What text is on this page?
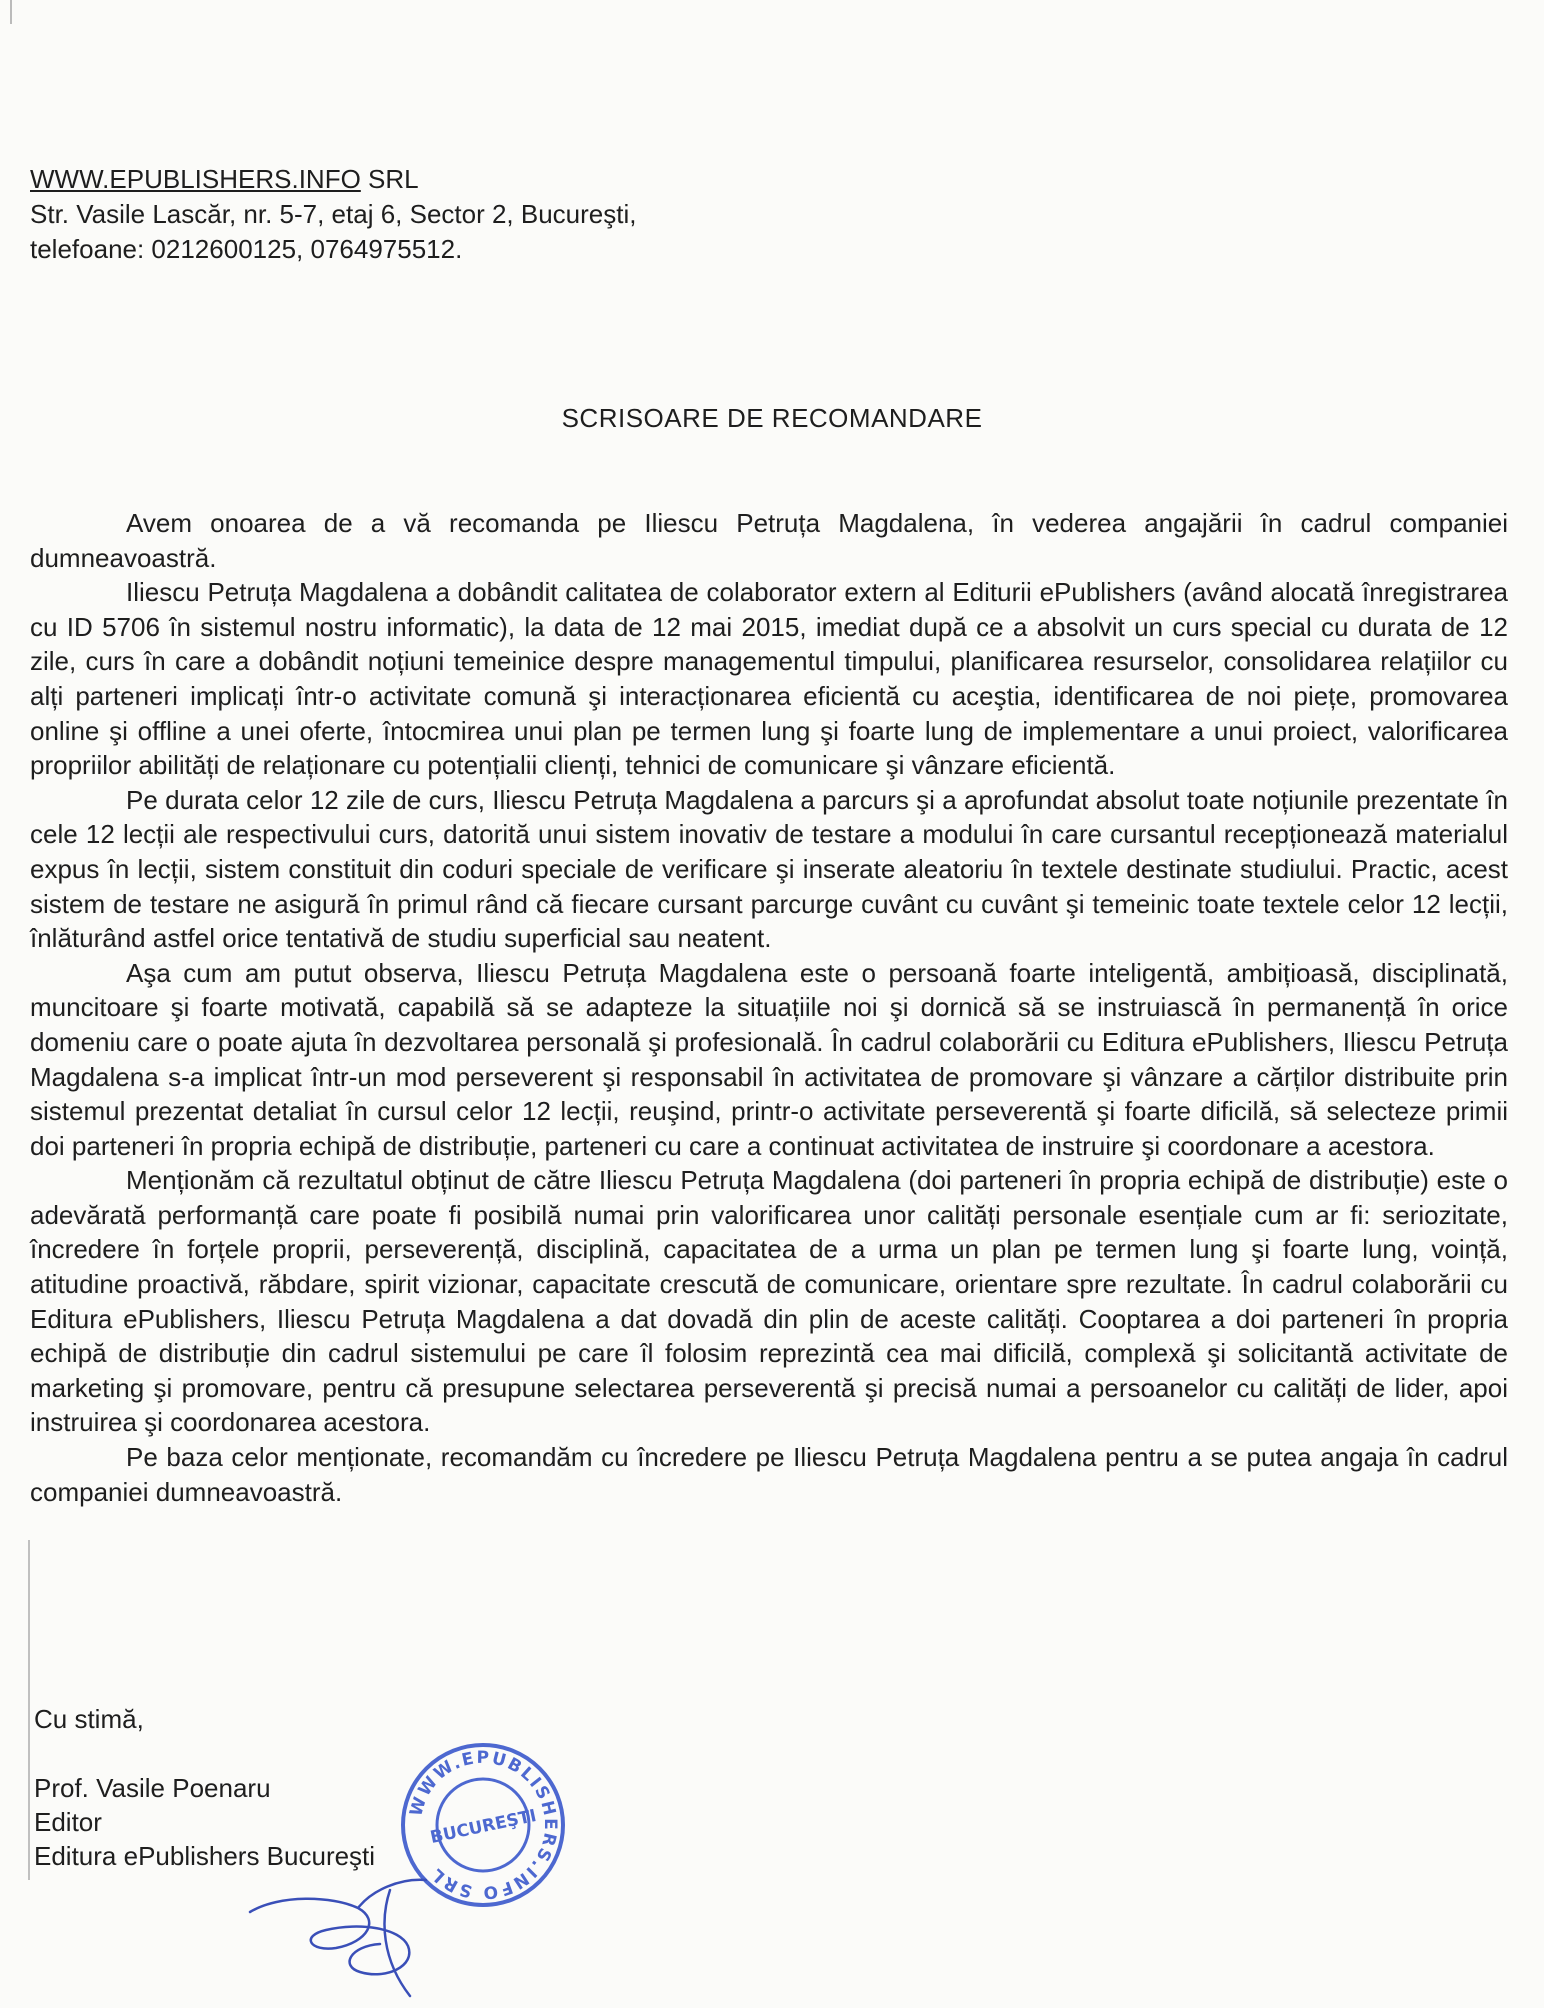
WWW.EPUBLISHERS.INFO SRL
Str. Vasile Lascăr, nr. 5-7, etaj 6, Sector 2, Bucureşti,
telefoane: 0212600125, 0764975512.
SCRISOARE DE RECOMANDARE

Avem onoarea de a vă recomanda pe Iliescu Petruța Magdalena, în vederea angajării în cadrul companiei dumneavoastră.

Iliescu Petruța Magdalena a dobândit calitatea de colaborator extern al Editurii ePublishers (având alocată înregistrarea cu ID 5706 în sistemul nostru informatic), la data de 12 mai 2015, imediat după ce a absolvit un curs special cu durata de 12 zile, curs în care a dobândit noțiuni temeinice despre managementul timpului, planificarea resurselor, consolidarea relațiilor cu alți parteneri implicați într-o activitate comună şi interacționarea eficientă cu aceştia, identificarea de noi piețe, promovarea online şi offline a unei oferte, întocmirea unui plan pe termen lung şi foarte lung de implementare a unui proiect, valorificarea propriilor abilități de relaționare cu potențialii clienți, tehnici de comunicare şi vânzare eficientă.

Pe durata celor 12 zile de curs, Iliescu Petruța Magdalena a parcurs şi a aprofundat absolut toate noțiunile prezentate în cele 12 lecții ale respectivului curs, datorită unui sistem inovativ de testare a modului în care cursantul recepționează materialul expus în lecții, sistem constituit din coduri speciale de verificare şi inserate aleatoriu în textele destinate studiului. Practic, acest sistem de testare ne asigură în primul rând că fiecare cursant parcurge cuvânt cu cuvânt şi temeinic toate textele celor 12 lecții, înlăturând astfel orice tentativă de studiu superficial sau neatent.

Aşa cum am putut observa, Iliescu Petruța Magdalena este o persoană foarte inteligentă, ambițioasă, disciplinată, muncitoare şi foarte motivată, capabilă să se adapteze la situațiile noi şi dornică să se instruiască în permanență în orice domeniu care o poate ajuta în dezvoltarea personală şi profesională. În cadrul colaborării cu Editura ePublishers, Iliescu Petruța Magdalena s-a implicat într-un mod perseverent şi responsabil în activitatea de promovare şi vânzare a cărților distribuite prin sistemul prezentat detaliat în cursul celor 12 lecții, reuşind, printr-o activitate perseverentă şi foarte dificilă, să selecteze primii doi parteneri în propria echipă de distribuție, parteneri cu care a continuat activitatea de instruire şi coordonare a acestora.

Menționăm că rezultatul obținut de către Iliescu Petruța Magdalena (doi parteneri în propria echipă de distribuție) este o adevărată performanță care poate fi posibilă numai prin valorificarea unor calități personale esențiale cum ar fi: seriozitate, încredere în forțele proprii, perseverență, disciplină, capacitatea de a urma un plan pe termen lung şi foarte lung, voință, atitudine proactivă, răbdare, spirit vizionar, capacitate crescută de comunicare, orientare spre rezultate. În cadrul colaborării cu Editura ePublishers, Iliescu Petruța Magdalena a dat dovadă din plin de aceste calități. Cooptarea a doi parteneri în propria echipă de distribuție din cadrul sistemului pe care îl folosim reprezintă cea mai dificilă, complexă şi solicitantă activitate de marketing şi promovare, pentru că presupune selectarea perseverentă şi precisă numai a persoanelor cu calități de lider, apoi instruirea şi coordonarea acestora.

Pe baza celor menționate, recomandăm cu încredere pe Iliescu Petruța Magdalena pentru a se putea angaja în cadrul companiei dumneavoastră.

Cu stimă,
Prof. Vasile Poenaru
Editor
Editura ePublishers Bucureşti
WWW.EPUBLISHERS.INFO SRL
BUCUREŞTI
